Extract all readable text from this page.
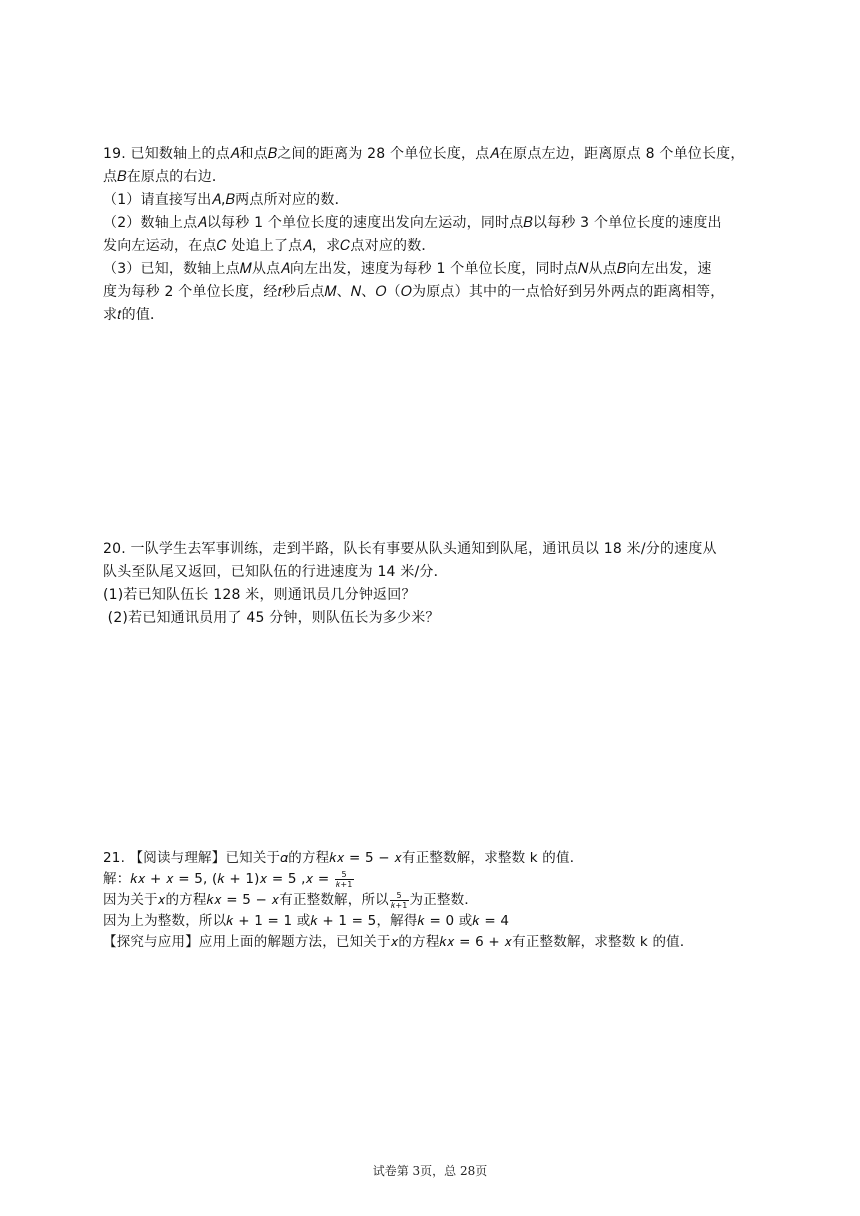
19. 已知数轴上的点𝐴和点𝐵之间的距离为 28 个单位长度，点𝐴在原点左边，距离原点 8 个单位长度，
点𝐵在原点的右边．
（1）请直接写出𝐴,𝐵两点所对应的数．
（2）数轴上点𝐴以每秒 1 个单位长度的速度出发向左运动，同时点𝐵以每秒 3 个单位长度的速度出
发向左运动，在点𝐶 处追上了点𝐴，求𝐶点对应的数．
（3）已知，数轴上点𝑀从点𝐴向左出发，速度为每秒 1 个单位长度，同时点𝑁从点𝐵向左出发，速
度为每秒 2 个单位长度，经𝑡秒后点𝑀、𝑁、𝑂（𝑂为原点）其中的一点恰好到另外两点的距离相等，
求𝑡的值．
20. 一队学生去军事训练，走到半路，队长有事要从队头通知到队尾，通讯员以 18 米/分的速度从
队头至队尾又返回，已知队伍的行进速度为 14 米/分．
(1)若已知队伍长 128 米，则通讯员几分钟返回？
(2)若已知通讯员用了 45 分钟，则队伍长为多少米？
21. 【阅读与理解】已知关于𝛼的方程𝑘𝑥 = 5 − 𝑥有正整数解，求整数 k 的值．
解：𝑘𝑥 + 𝑥 = 5, (𝑘 + 1)𝑥 = 5 ,𝑥 = $\frac{5}{\text{𝑘+1}}$
因为关于𝑥的方程𝑘𝑥 = 5 − 𝑥有正整数解，所以 $\frac{5}{\text{𝑘+1}}$ 为正整数．
因为上为整数，所以𝑘 + 1 = 1 或𝑘 + 1 = 5，解得𝑘 = 0 或𝑘 = 4
【探究与应用】应用上面的解题方法，已知关于𝑥的方程𝑘𝑥 = 6 + 𝑥有正整数解，求整数 k 的值．
试卷第 3页，总 28页
